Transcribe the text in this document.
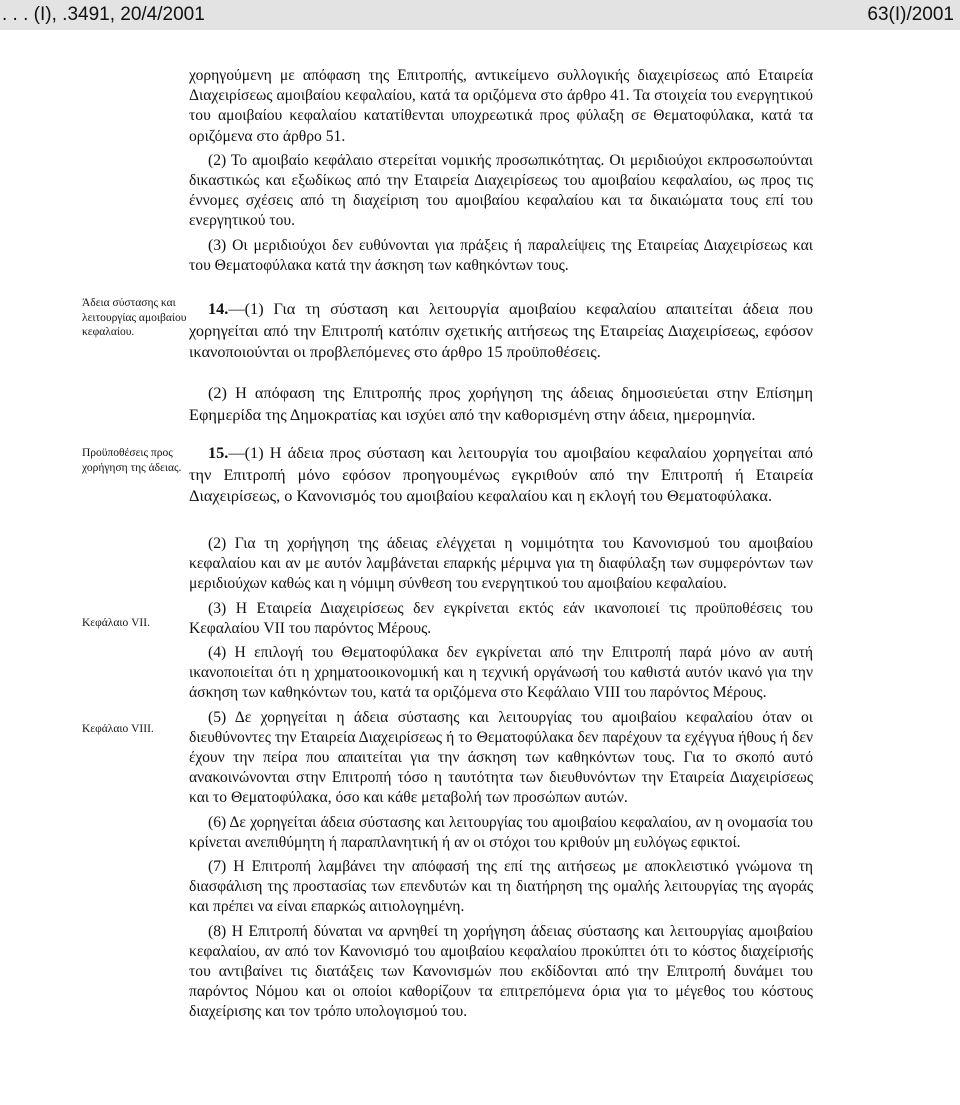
. . . (Ι), .3491, 20/4/2001	63(Ι)/2001
Άδεια σύστασης και λειτουργίας αμοιβαίου κεφαλαίου.
Προϋποθέσεις προς χορήγηση της άδειας.
Κεφάλαιο VII.
Κεφάλαιο VIII.

χορηγούμενη με απόφαση της Επιτροπής, αντικείμενο συλλογικής διαχειρίσεως από Εταιρεία Διαχειρίσεως αμοιβαίου κεφαλαίου, κατά τα οριζόμενα στο άρθρο 41. Τα στοιχεία του ενεργητικού του αμοιβαίου κεφαλαίου κατατίθενται υποχρεωτικά προς φύλαξη σε Θεματοφύλακα, κατά τα οριζόμενα στο άρθρο 51.

(2) Το αμοιβαίο κεφάλαιο στερείται νομικής προσωπικότητας. Οι μεριδιούχοι εκπροσωπούνται δικαστικώς και εξωδίκως από την Εταιρεία Διαχειρίσεως του αμοιβαίου κεφαλαίου, ως προς τις έννομες σχέσεις από τη διαχείριση του αμοιβαίου κεφαλαίου και τα δικαιώματα τους επί του ενεργητικού του.

(3) Οι μεριδιούχοι δεν ευθύνονται για πράξεις ή παραλείψεις της Εταιρείας Διαχειρίσεως και του Θεματοφύλακα κατά την άσκηση των καθηκόντων τους.

14.—(1) Για τη σύσταση και λειτουργία αμοιβαίου κεφαλαίου απαιτείται άδεια που χορηγείται από την Επιτροπή κατόπιν σχετικής αιτήσεως της Εταιρείας Διαχειρίσεως, εφόσον ικανοποιούνται οι προβλεπόμενες στο άρθρο 15 προϋποθέσεις.

(2) Η απόφαση της Επιτροπής προς χορήγηση της άδειας δημοσιεύεται στην Επίσημη Εφημερίδα της Δημοκρατίας και ισχύει από την καθορισμένη στην άδεια, ημερομηνία.

15.—(1) Η άδεια προς σύσταση και λειτουργία του αμοιβαίου κεφαλαίου χορηγείται από την Επιτροπή μόνο εφόσον προηγουμένως εγκριθούν από την Επιτροπή ή Εταιρεία Διαχειρίσεως, ο Κανονισμός του αμοιβαίου κεφαλαίου και η εκλογή του Θεματοφύλακα.

(2) Για τη χορήγηση της άδειας ελέγχεται η νομιμότητα του Κανονισμού του αμοιβαίου κεφαλαίου και αν με αυτόν λαμβάνεται επαρκής μέριμνα για τη διαφύλαξη των συμφερόντων των μεριδιούχων καθώς και η νόμιμη σύνθεση του ενεργητικού του αμοιβαίου κεφαλαίου.

(3) Η Εταιρεία Διαχειρίσεως δεν εγκρίνεται εκτός εάν ικανοποιεί τις προϋποθέσεις του Κεφαλαίου VII του παρόντος Μέρους.

(4) Η επιλογή του Θεματοφύλακα δεν εγκρίνεται από την Επιτροπή παρά μόνο αν αυτή ικανοποιείται ότι η χρηματοοικονομική και η τεχνική οργάνωσή του καθιστά αυτόν ικανό για την άσκηση των καθηκόντων του, κατά τα οριζόμενα στο Κεφάλαιο VIII του παρόντος Μέρους.

(5) Δε χορηγείται η άδεια σύστασης και λειτουργίας του αμοιβαίου κεφαλαίου όταν οι διευθύνοντες την Εταιρεία Διαχειρίσεως ή το Θεματοφύλακα δεν παρέχουν τα εχέγγυα ήθους ή δεν έχουν την πείρα που απαιτείται για την άσκηση των καθηκόντων τους. Για το σκοπό αυτό ανακοινώνονται στην Επιτροπή τόσο η ταυτότητα των διευθυνόντων την Εταιρεία Διαχειρίσεως και το Θεματοφύλακα, όσο και κάθε μεταβολή των προσώπων αυτών.

(6) Δε χορηγείται άδεια σύστασης και λειτουργίας του αμοιβαίου κεφαλαίου, αν η ονομασία του κρίνεται ανεπιθύμητη ή παραπλανητική ή αν οι στόχοι του κριθούν μη ευλόγως εφικτοί.

(7) Η Επιτροπή λαμβάνει την απόφασή της επί της αιτήσεως με αποκλειστικό γνώμονα τη διασφάλιση της προστασίας των επενδυτών και τη διατήρηση της ομαλής λειτουργίας της αγοράς και πρέπει να είναι επαρκώς αιτιολογημένη.

(8) Η Επιτροπή δύναται να αρνηθεί τη χορήγηση άδειας σύστασης και λειτουργίας αμοιβαίου κεφαλαίου, αν από τον Κανονισμό του αμοιβαίου κεφαλαίου προκύπτει ότι το κόστος διαχείρισής του αντιβαίνει τις διατάξεις των Κανονισμών που εκδίδονται από την Επιτροπή δυνάμει του παρόντος Νόμου και οι οποίοι καθορίζουν τα επιτρεπόμενα όρια για το μέγεθος του κόστους διαχείρισης και τον τρόπο υπολογισμού του.
